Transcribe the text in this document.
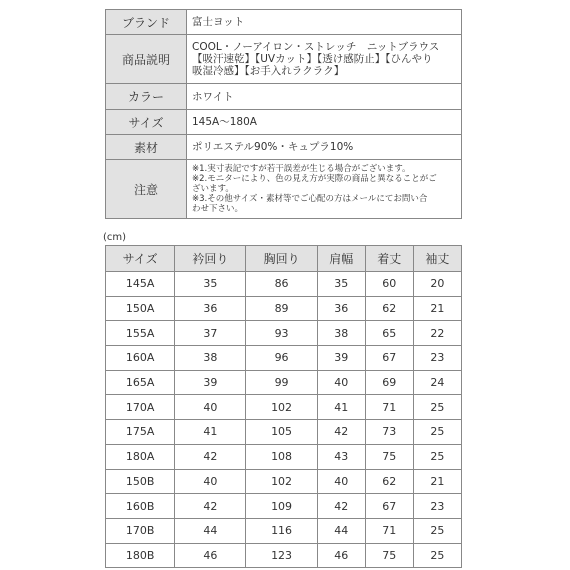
ブランド	富士ヨット
商品説明	COOL・ノーアイロン・ストレッチ　ニットブラウス
【吸汗速乾】【UVカット】【透け感防止】【ひんやり
吸湿冷感】【お手入れラクラク】

カラー	ホワイト
サイズ	145A～180A
素材	ポリエステル90%・キュプラ10%
注意	※1.実寸表記ですが若干誤差が生じる場合がございます。
※2.モニターにより、色の見え方が実際の商品と異なることがご
ざいます。
※3.その他サイズ・素材等でご心配の方はメールにてお問い合
わせ下さい。
(cm)
サイズ	衿回り	胸回り	肩幅	着丈	袖丈
145A	35	86	35	60	20
150A	36	89	36	62	21
155A	37	93	38	65	22
160A	38	96	39	67	23
165A	39	99	40	69	24
170A	40	102	41	71	25
175A	41	105	42	73	25
180A	42	108	43	75	25
150B	40	102	40	62	21
160B	42	109	42	67	23
170B	44	116	44	71	25
180B	46	123	46	75	25
